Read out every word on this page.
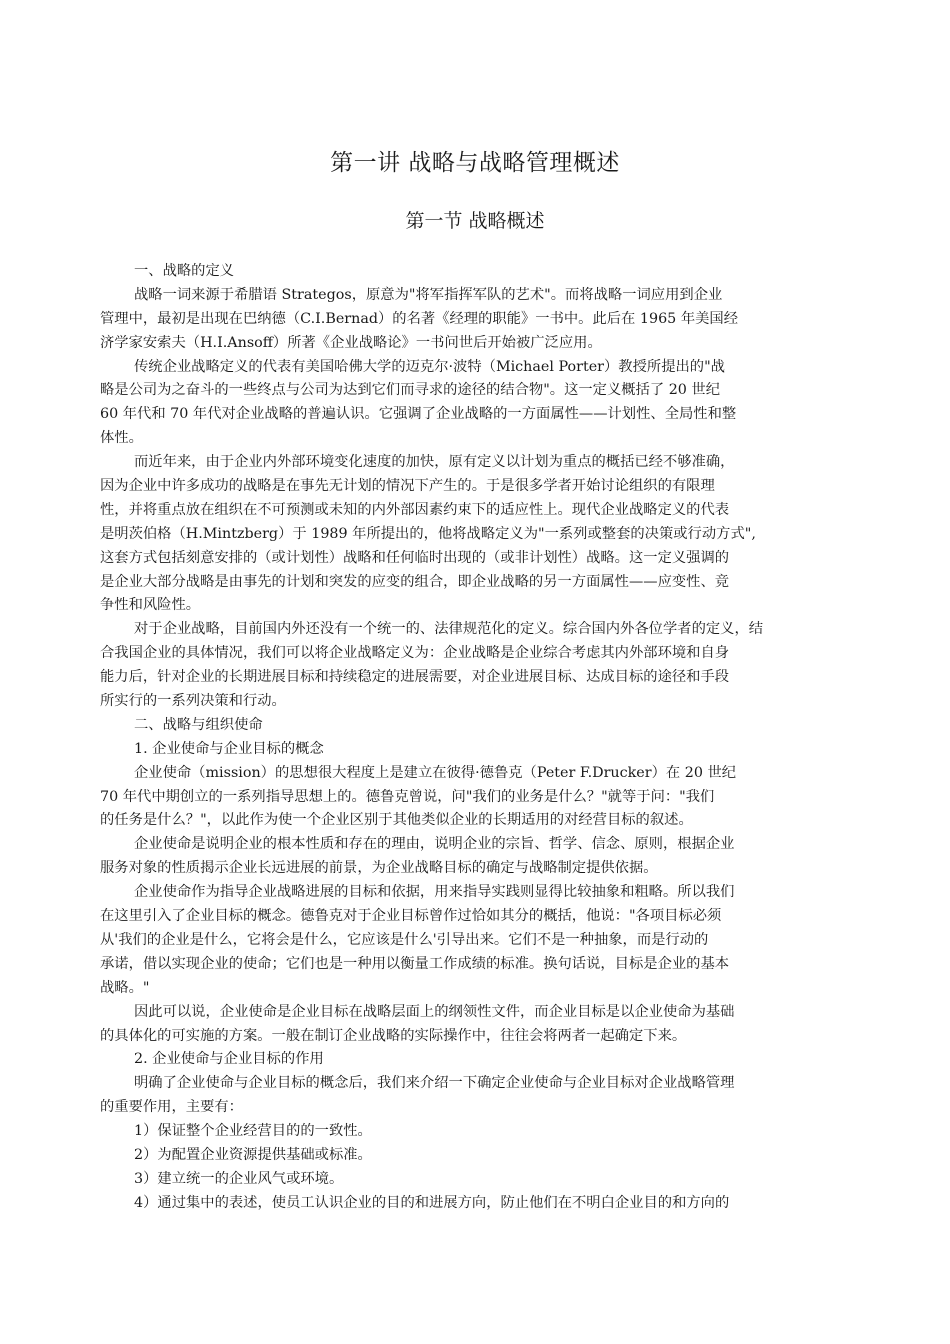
第一讲 战略与战略管理概述
第一节 战略概述
一、战略的定义
战略一词来源于希腊语 Strategos，原意为"将军指挥军队的艺术"。而将战略一词应用到企业
管理中，最初是出现在巴纳德（C.I.Bernad）的名著《经理的职能》一书中。此后在 1965 年美国经
济学家安索夫（H.I.Ansoff）所著《企业战略论》一书问世后开始被广泛应用。
传统企业战略定义的代表有美国哈佛大学的迈克尔·波特（Michael Porter）教授所提出的"战
略是公司为之奋斗的一些终点与公司为达到它们而寻求的途径的结合物"。这一定义概括了 20 世纪
60 年代和 70 年代对企业战略的普遍认识。它强调了企业战略的一方面属性——计划性、全局性和整
体性。
而近年来，由于企业内外部环境变化速度的加快，原有定义以计划为重点的概括已经不够准确，
因为企业中许多成功的战略是在事先无计划的情况下产生的。于是很多学者开始讨论组织的有限理
性，并将重点放在组织在不可预测或未知的内外部因素约束下的适应性上。现代企业战略定义的代表
是明茨伯格（H.Mintzberg）于 1989 年所提出的，他将战略定义为"一系列或整套的决策或行动方式",
这套方式包括刻意安排的（或计划性）战略和任何临时出现的（或非计划性）战略。这一定义强调的
是企业大部分战略是由事先的计划和突发的应变的组合，即企业战略的另一方面属性——应变性、竞
争性和风险性。
对于企业战略，目前国内外还没有一个统一的、法律规范化的定义。综合国内外各位学者的定义，结
合我国企业的具体情况，我们可以将企业战略定义为：企业战略是企业综合考虑其内外部环境和自身
能力后，针对企业的长期进展目标和持续稳定的进展需要，对企业进展目标、达成目标的途径和手段
所实行的一系列决策和行动。
二、战略与组织使命
1. 企业使命与企业目标的概念
企业使命（mission）的思想很大程度上是建立在彼得·德鲁克（Peter F.Drucker）在 20 世纪
70 年代中期创立的一系列指导思想上的。德鲁克曾说，问"我们的业务是什么？"就等于问："我们
的任务是什么？"，以此作为使一个企业区别于其他类似企业的长期适用的对经营目标的叙述。
企业使命是说明企业的根本性质和存在的理由，说明企业的宗旨、哲学、信念、原则，根据企业
服务对象的性质揭示企业长远进展的前景，为企业战略目标的确定与战略制定提供依据。
企业使命作为指导企业战略进展的目标和依据，用来指导实践则显得比较抽象和粗略。所以我们
在这里引入了企业目标的概念。德鲁克对于企业目标曾作过恰如其分的概括，他说："各项目标必须
从'我们的企业是什么，它将会是什么，它应该是什么'引导出来。它们不是一种抽象，而是行动的
承诺，借以实现企业的使命；它们也是一种用以衡量工作成绩的标准。换句话说，目标是企业的基本
战略。"
因此可以说，企业使命是企业目标在战略层面上的纲领性文件，而企业目标是以企业使命为基础
的具体化的可实施的方案。一般在制订企业战略的实际操作中，往往会将两者一起确定下来。
2. 企业使命与企业目标的作用
明确了企业使命与企业目标的概念后，我们来介绍一下确定企业使命与企业目标对企业战略管理
的重要作用，主要有：
1）保证整个企业经营目的的一致性。
2）为配置企业资源提供基础或标准。
3）建立统一的企业风气或环境。
4）通过集中的表述，使员工认识企业的目的和进展方向，防止他们在不明白企业目的和方向的
